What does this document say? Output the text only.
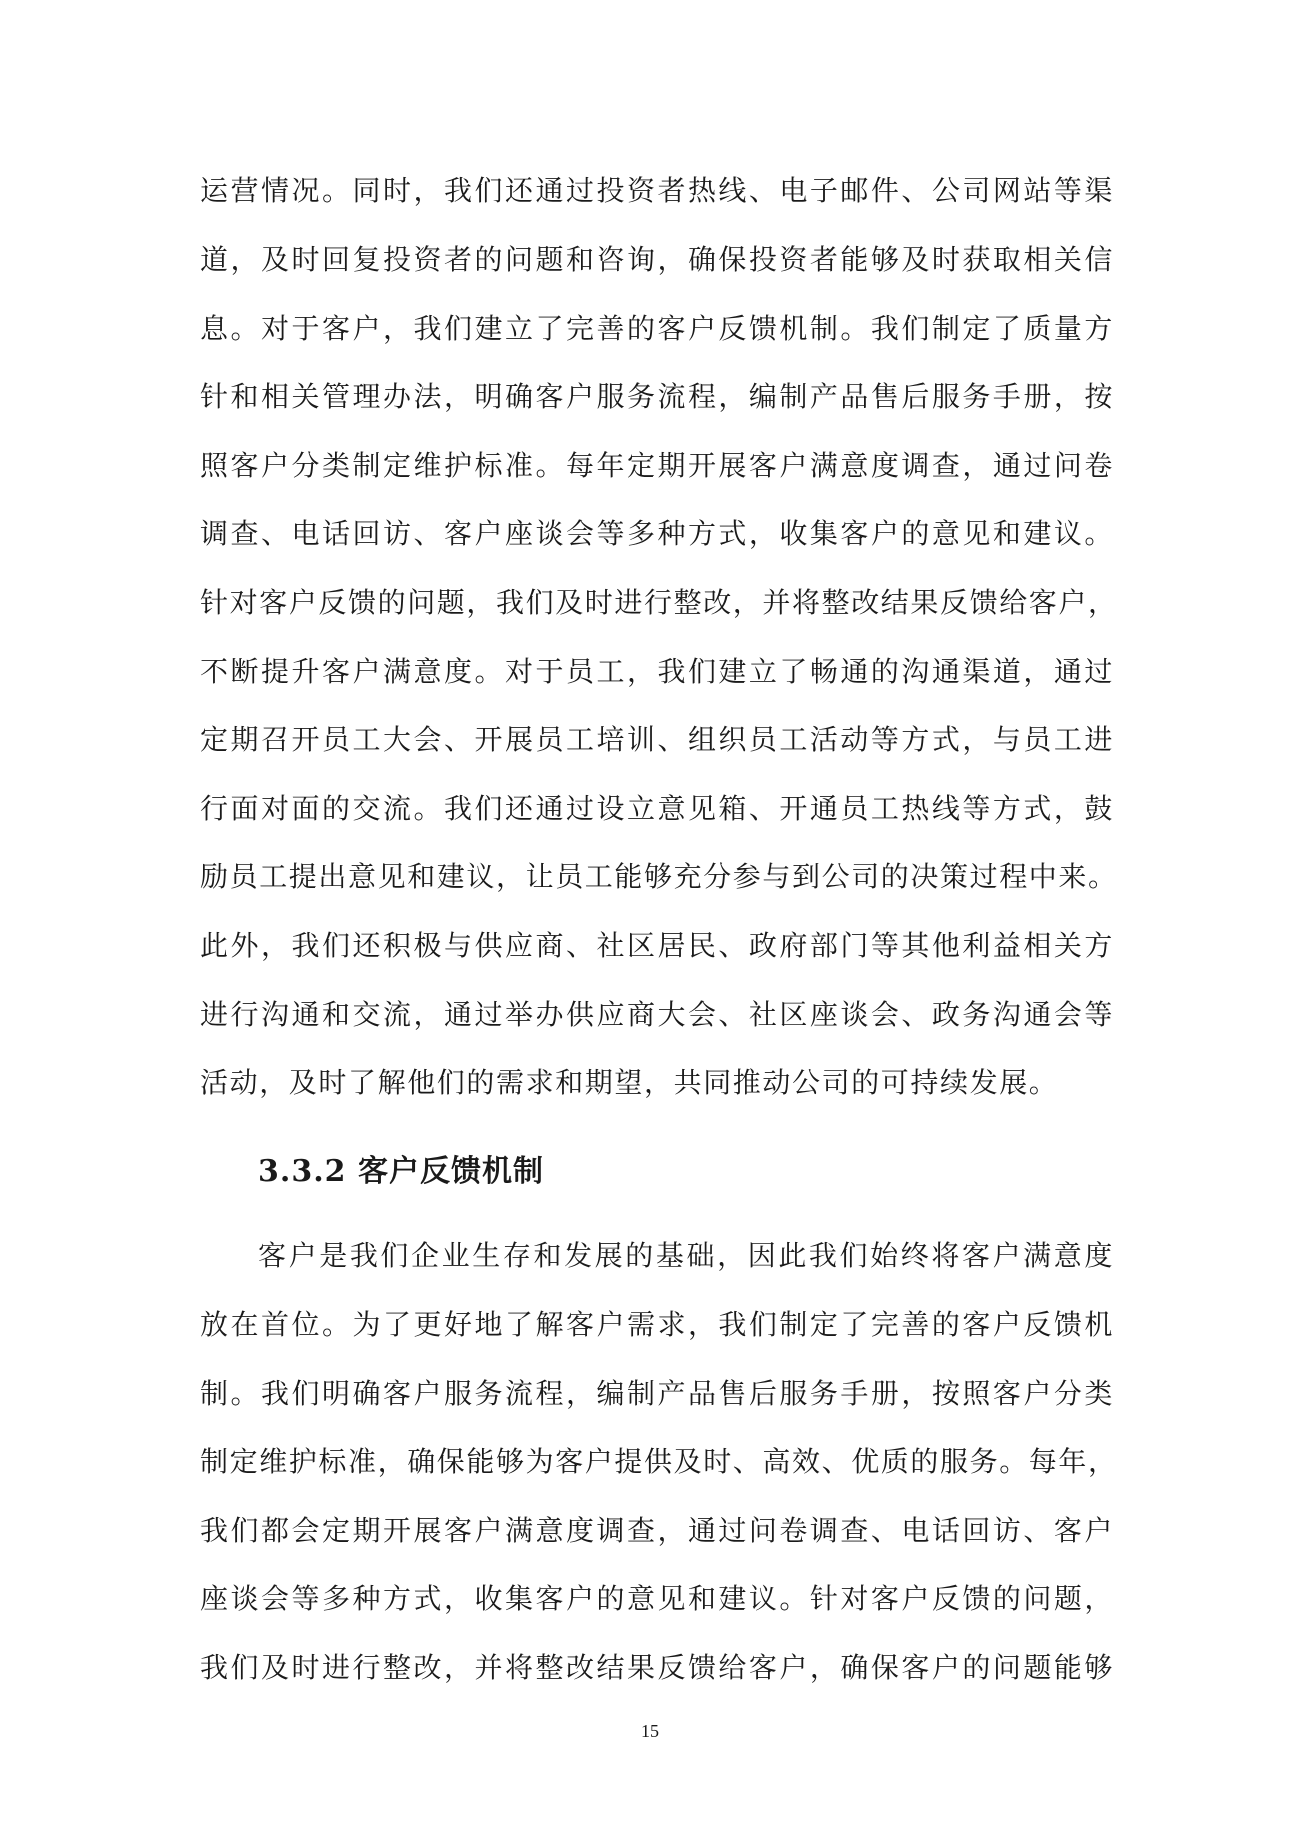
运营情况。同时，我们还通过投资者热线、电子邮件、公司网站等渠

道，及时回复投资者的问题和咨询，确保投资者能够及时获取相关信

息。对于客户，我们建立了完善的客户反馈机制。我们制定了质量方

针和相关管理办法，明确客户服务流程，编制产品售后服务手册，按

照客户分类制定维护标准。每年定期开展客户满意度调查，通过问卷

调查、电话回访、客户座谈会等多种方式，收集客户的意见和建议。

针对客户反馈的问题，我们及时进行整改，并将整改结果反馈给客户，

不断提升客户满意度。对于员工，我们建立了畅通的沟通渠道，通过

定期召开员工大会、开展员工培训、组织员工活动等方式，与员工进

行面对面的交流。我们还通过设立意见箱、开通员工热线等方式，鼓

励员工提出意见和建议，让员工能够充分参与到公司的决策过程中来。

此外，我们还积极与供应商、社区居民、政府部门等其他利益相关方

进行沟通和交流，通过举办供应商大会、社区座谈会、政务沟通会等

活动，及时了解他们的需求和期望，共同推动公司的可持续发展。

3.3.2 客户反馈机制

客户是我们企业生存和发展的基础，因此我们始终将客户满意度

放在首位。为了更好地了解客户需求，我们制定了完善的客户反馈机

制。我们明确客户服务流程，编制产品售后服务手册，按照客户分类

制定维护标准，确保能够为客户提供及时、高效、优质的服务。每年，

我们都会定期开展客户满意度调查，通过问卷调查、电话回访、客户

座谈会等多种方式，收集客户的意见和建议。针对客户反馈的问题，

我们及时进行整改，并将整改结果反馈给客户，确保客户的问题能够

15
